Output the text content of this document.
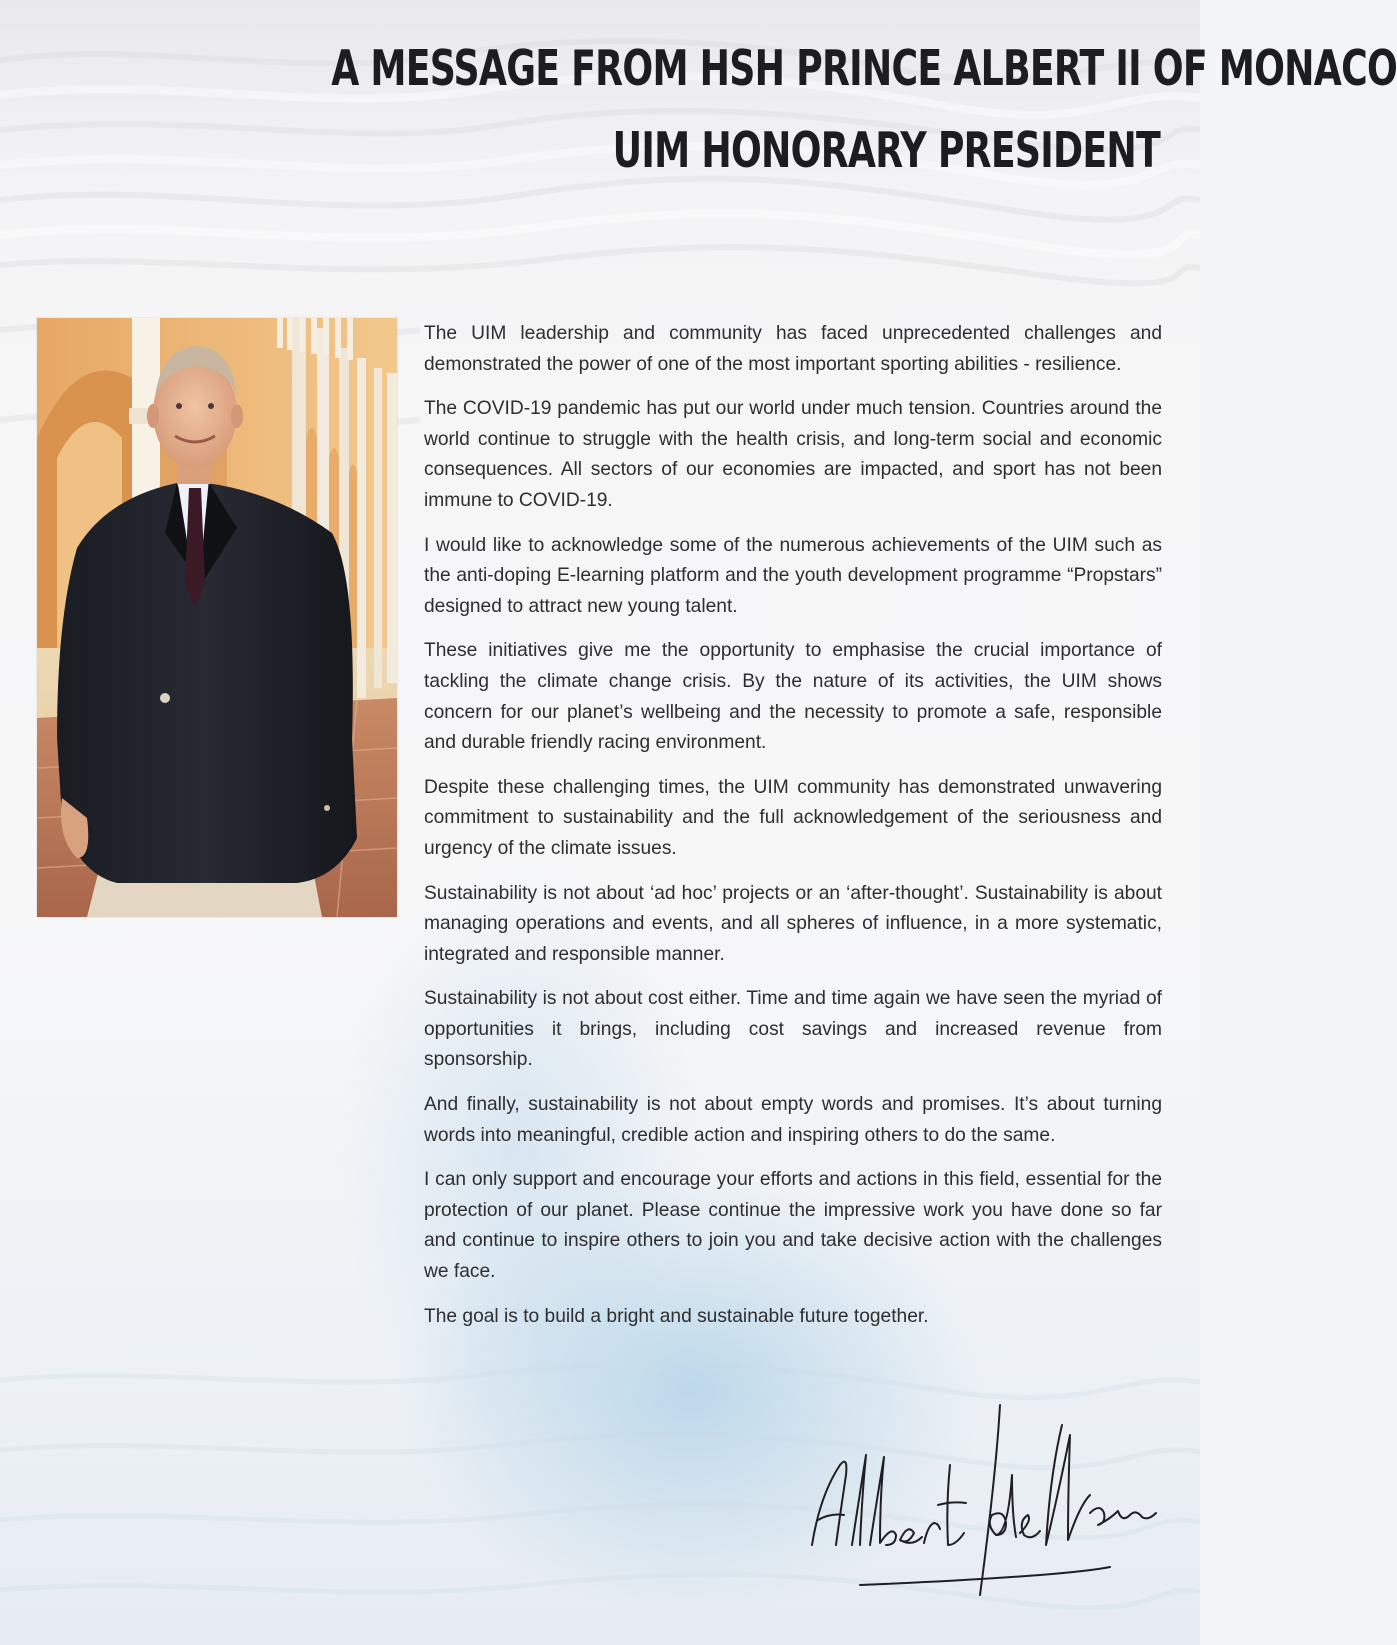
A MESSAGE FROM HSH PRINCE ALBERT II OF MONACO
UIM HONORARY PRESIDENT

The UIM leadership and community has faced unprecedented challenges and demonstrated the power of one of the most important sporting abilities - resilience.

The COVID-19 pandemic has put our world under much tension. Countries around the world continue to struggle with the health crisis, and long-term social and economic consequences. All sectors of our economies are impacted, and sport has not been immune to COVID-19.

I would like to acknowledge some of the numerous achievements of the UIM such as the anti-doping E-learning platform and the youth development programme “Propstars” designed to attract new young talent.

These initiatives give me the opportunity to emphasise the crucial importance of tackling the climate change crisis. By the nature of its activities, the UIM shows concern for our planet’s wellbeing and the necessity to promote a safe, responsible and durable friendly racing environment.

Despite these challenging times, the UIM community has demonstrated unwavering commitment to sustainability and the full acknowledgement of the seriousness and urgency of the climate issues.

Sustainability is not about ‘ad hoc’ projects or an ‘after-thought’. Sustainability is about managing operations and events, and all spheres of influence, in a more systematic, integrated and responsible manner.

Sustainability is not about cost either. Time and time again we have seen the myriad of opportunities it brings, including cost savings and increased revenue from sponsorship.

And finally, sustainability is not about empty words and promises. It’s about turning words into meaningful, credible action and inspiring others to do the same.

I can only support and encourage your efforts and actions in this field, essential for the protection of our planet. Please continue the impressive work you have done so far and continue to inspire others to join you and take decisive action with the challenges we face.

The goal is to build a bright and sustainable future together.
